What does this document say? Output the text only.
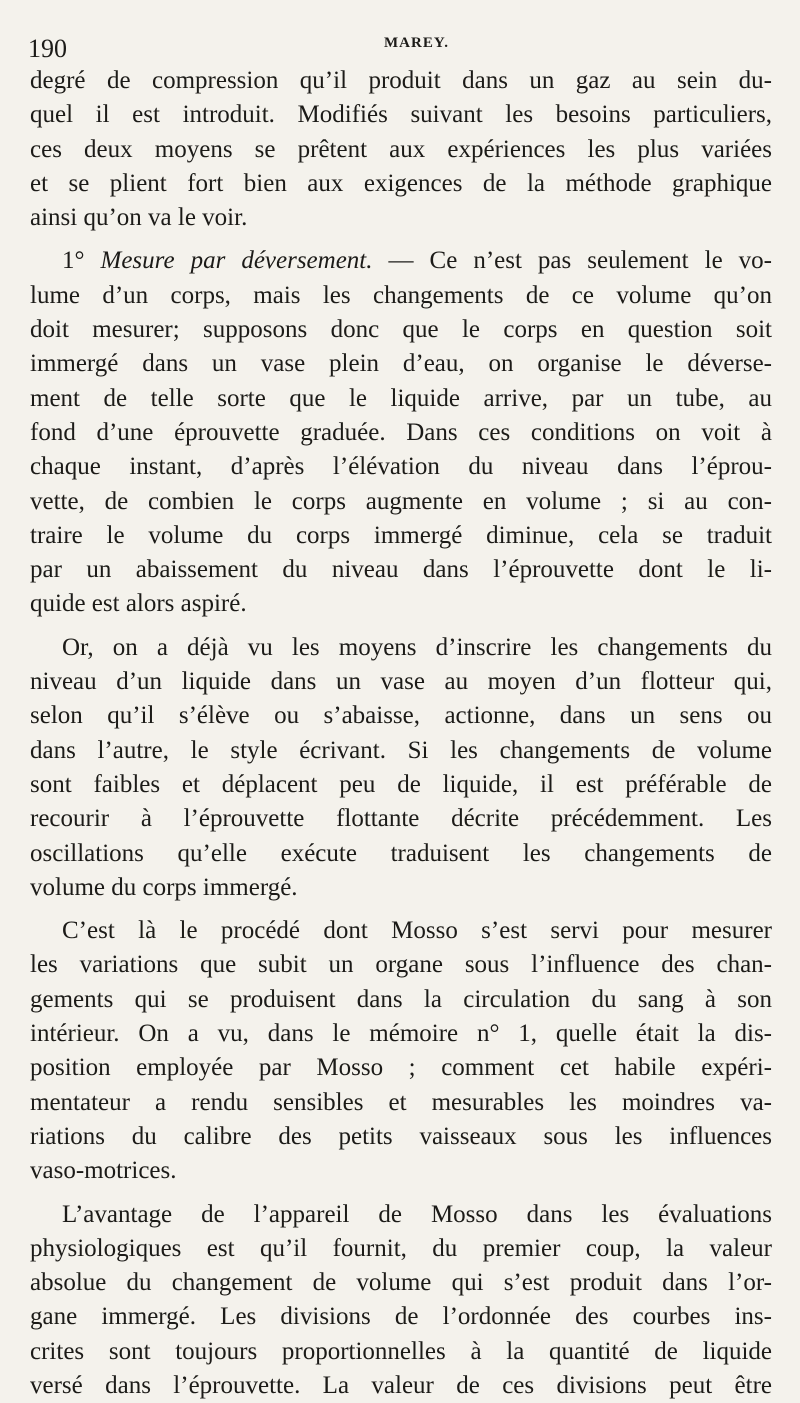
190	MAREY.
degré de compression qu’il produit dans un gaz au sein du-
quel il est introduit. Modifiés suivant les besoins particuliers,
ces deux moyens se prêtent aux expériences les plus variées
et se plient fort bien aux exigences de la méthode graphique
ainsi qu’on va le voir.
1° Mesure par déversement. — Ce n’est pas seulement le vo-
lume d’un corps, mais les changements de ce volume qu’on
doit mesurer; supposons donc que le corps en question soit
immergé dans un vase plein d’eau, on organise le déverse-
ment de telle sorte que le liquide arrive, par un tube, au
fond d’une éprouvette graduée. Dans ces conditions on voit à
chaque instant, d’après l’élévation du niveau dans l’éprou-
vette, de combien le corps augmente en volume ; si au con-
traire le volume du corps immergé diminue, cela se traduit
par un abaissement du niveau dans l’éprouvette dont le li-
quide est alors aspiré.
Or, on a déjà vu les moyens d’inscrire les changements du
niveau d’un liquide dans un vase au moyen d’un flotteur qui,
selon qu’il s’élève ou s’abaisse, actionne, dans un sens ou
dans l’autre, le style écrivant. Si les changements de volume
sont faibles et déplacent peu de liquide, il est préférable de
recourir à l’éprouvette flottante décrite précédemment. Les
oscillations qu’elle exécute traduisent les changements de
volume du corps immergé.
C’est là le procédé dont Mosso s’est servi pour mesurer
les variations que subit un organe sous l’influence des chan-
gements qui se produisent dans la circulation du sang à son
intérieur. On a vu, dans le mémoire n° 1, quelle était la dis-
position employée par Mosso ; comment cet habile expéri-
mentateur a rendu sensibles et mesurables les moindres va-
riations du calibre des petits vaisseaux sous les influences
vaso-motrices.
L’avantage de l’appareil de Mosso dans les évaluations
physiologiques est qu’il fournit, du premier coup, la valeur
absolue du changement de volume qui s’est produit dans l’or-
gane immergé. Les divisions de l’ordonnée des courbes ins-
crites sont toujours proportionnelles à la quantité de liquide
versé dans l’éprouvette. La valeur de ces divisions peut être
